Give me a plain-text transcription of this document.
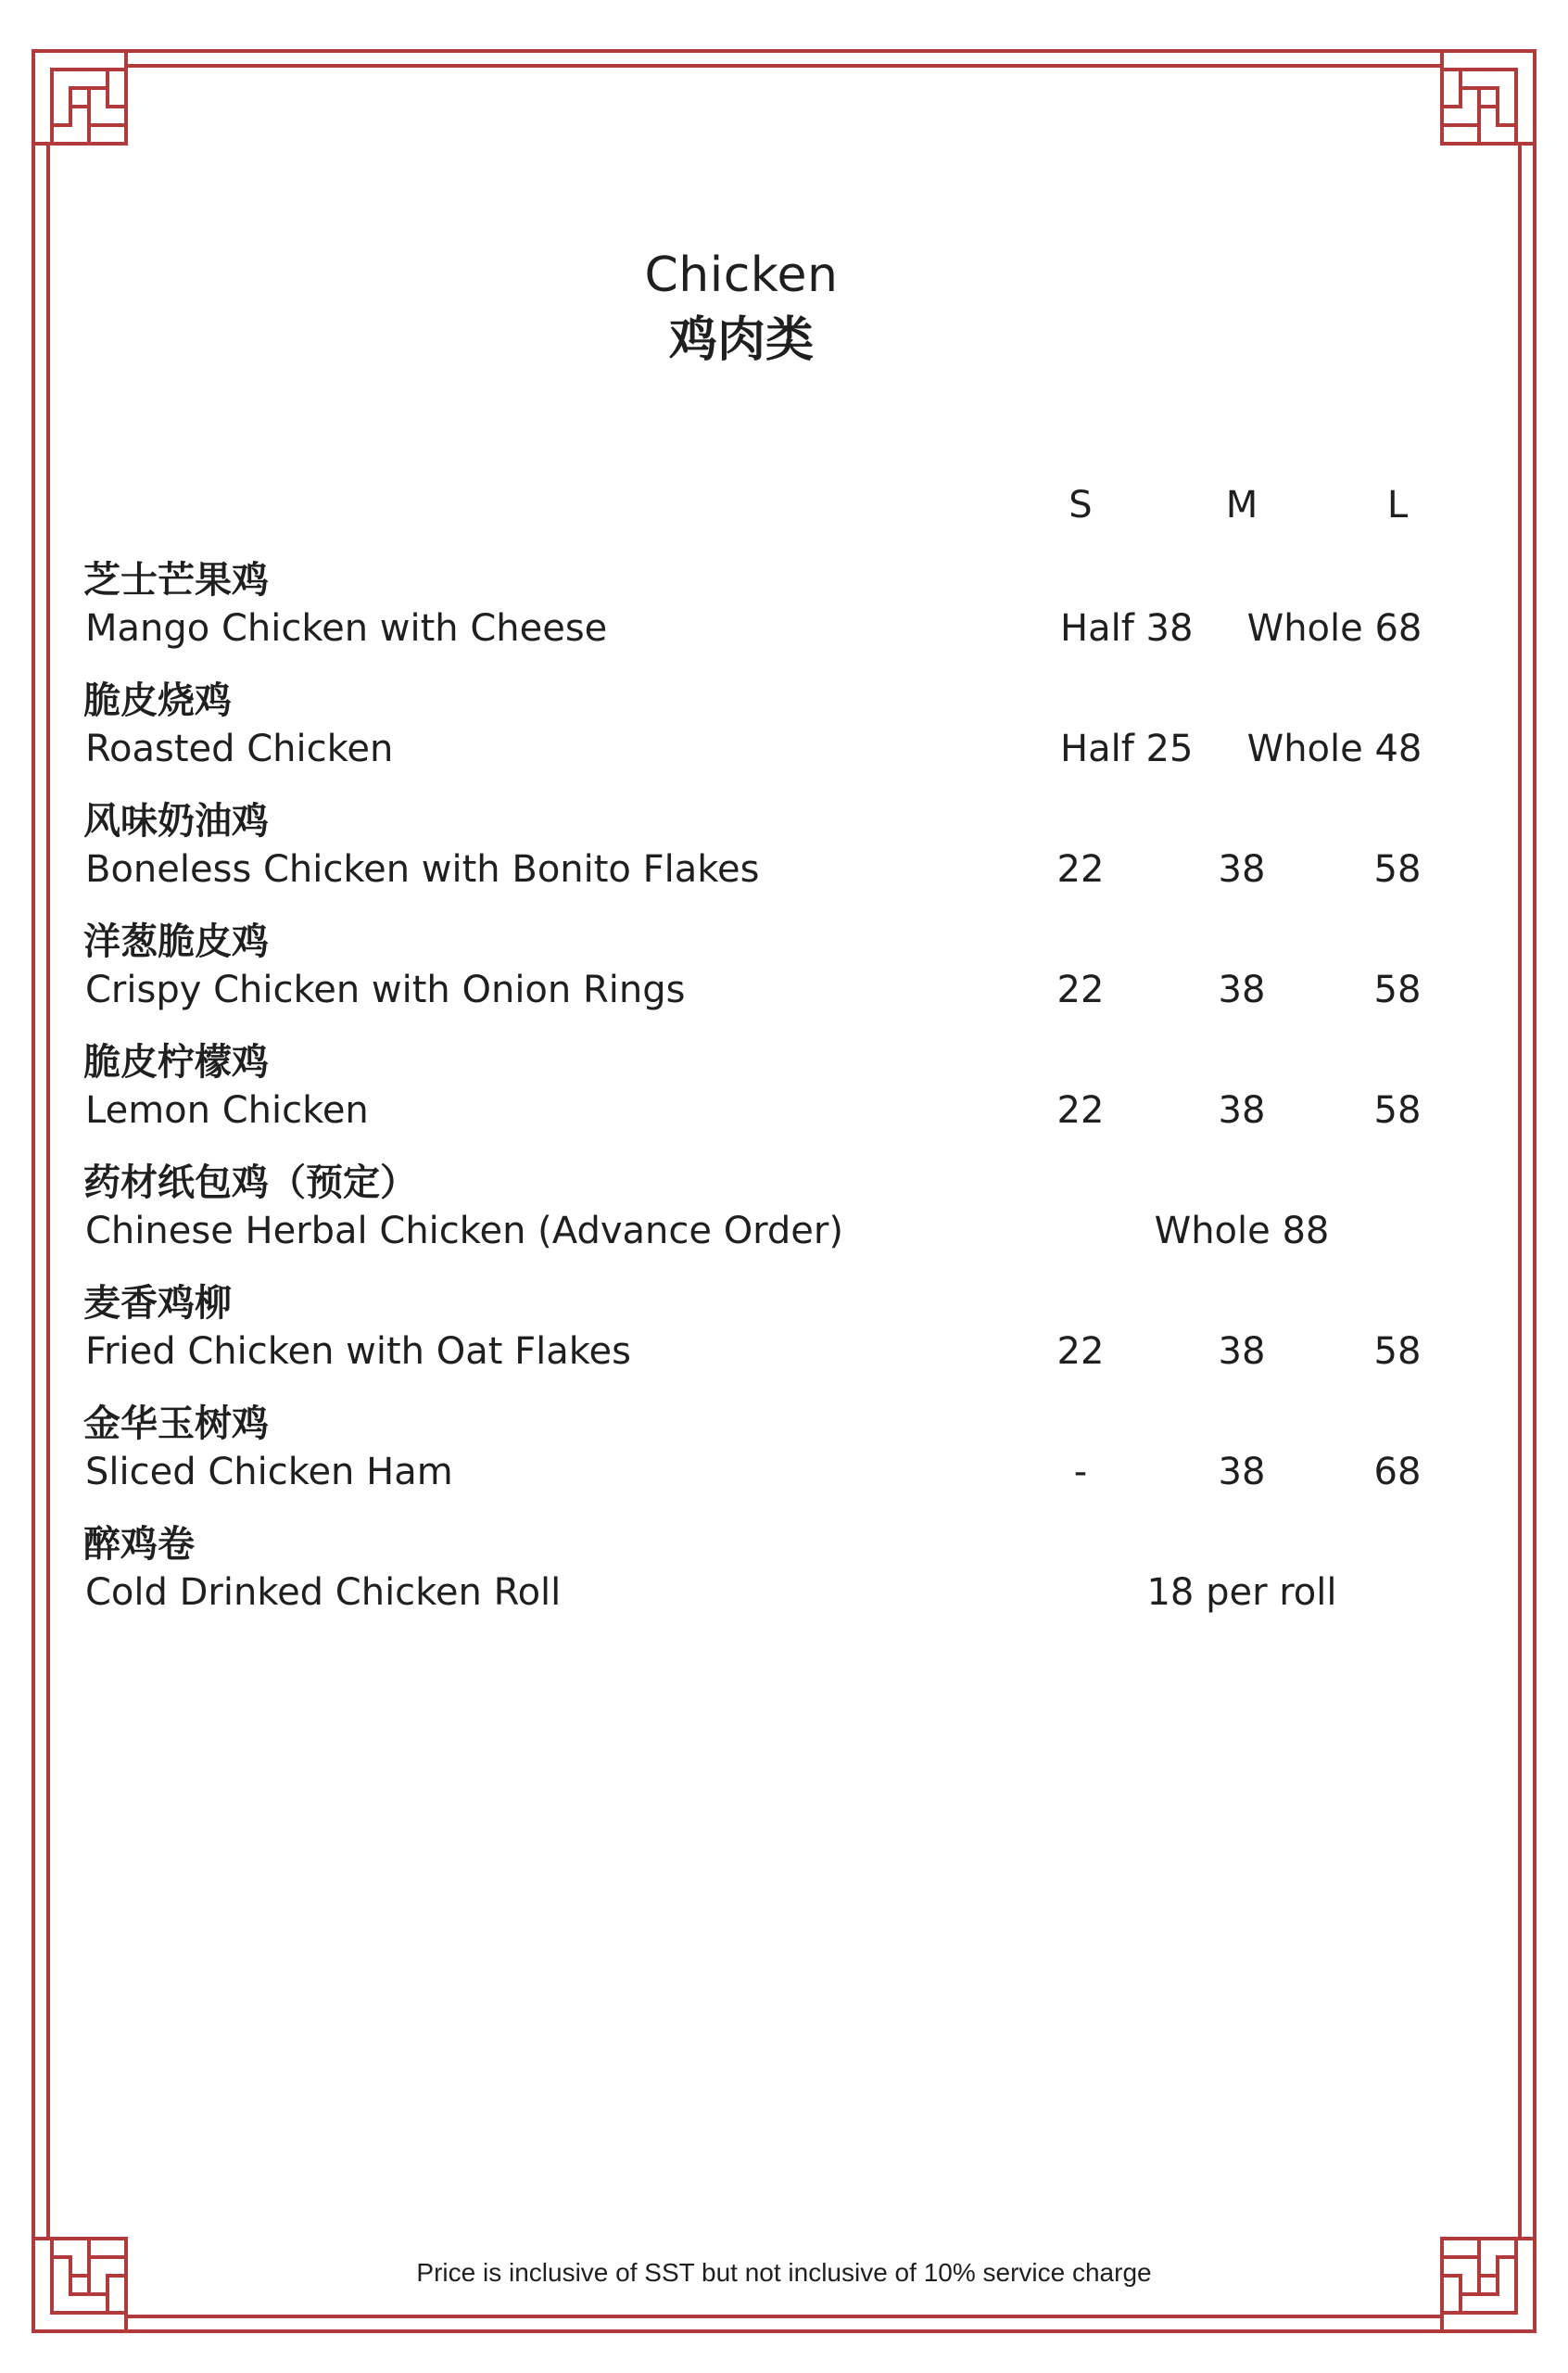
Chicken
鸡肉类
S	M	L
芝士芒果鸡
Mango Chicken with Cheese	Half 38 Whole 68
脆皮烧鸡
Roasted Chicken	Half 25 Whole 48
风味奶油鸡
Boneless Chicken with Bonito Flakes	22	38	58
洋葱脆皮鸡
Crispy Chicken with Onion Rings	22	38	58
脆皮柠檬鸡
Lemon Chicken	22	38	58
药材纸包鸡（预定）
Chinese Herbal Chicken (Advance Order)	Whole 88
麦香鸡柳
Fried Chicken with Oat Flakes	22	38	58
金华玉树鸡
Sliced Chicken Ham	-	38	68
醉鸡卷
Cold Drinked Chicken Roll	18 per roll
Price is inclusive of SST but not inclusive of 10% service charge
